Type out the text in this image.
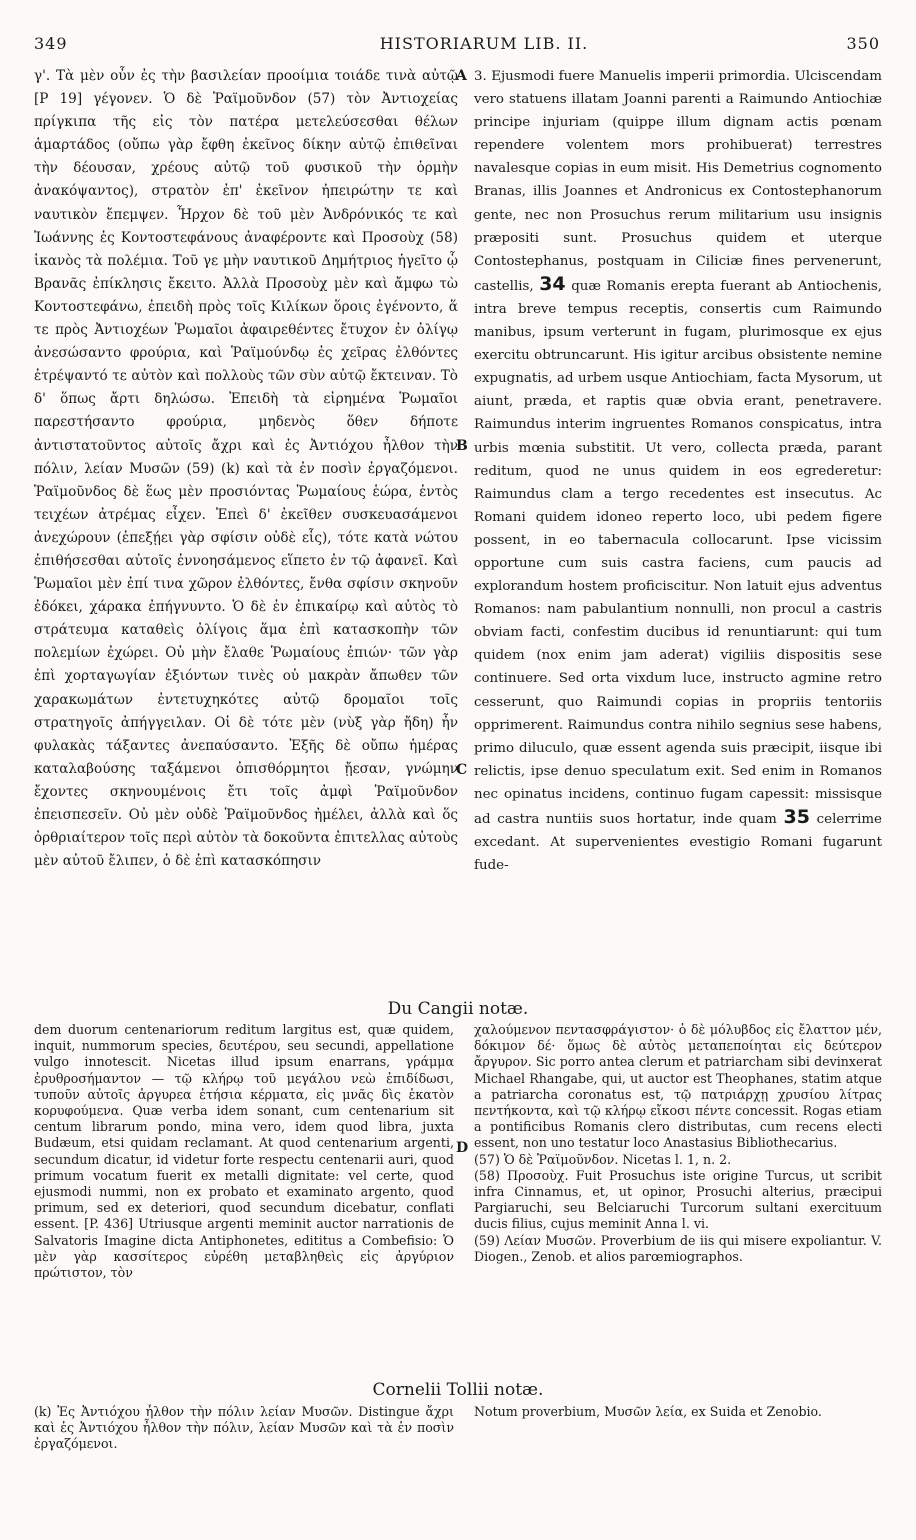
349	HISTORIARUM LIB. II.	350

γ'. Τὰ μὲν οὖν ἐς τὴν βασιλείαν προοίμια τοιάδε τινὰ αὐτῷ [P 19] γέγονεν. Ὁ δὲ Ῥαϊμοῦνδον (57) τὸν Ἀντιοχείας πρίγκιπα τῆς εἰς τὸν πατέρα μετελεύσεσθαι θέλων ἁμαρτάδος (οὔπω γὰρ ἔφθη ἐκεῖνος δίκην αὐτῷ ἐπιθεῖναι τὴν δέουσαν, χρέους αὐτῷ τοῦ φυσικοῦ τὴν ὁρμὴν ἀνακόψαντος), στρατὸν ἐπ' ἐκεῖνον ἠπειρώτην τε καὶ ναυτικὸν ἔπεμψεν. Ἦρχον δὲ τοῦ μὲν Ἀνδρόνικός τε καὶ Ἰωάννης ἐς Κοντοστεφάνους ἀναφέροντε καὶ Προσοὺχ (58) ἱκανὸς τὰ πολέμια. Τοῦ γε μὴν ναυτικοῦ Δημήτριος ἡγεῖτο ᾧ Βρανᾶς ἐπίκλησις ἔκειτο. Ἀλλὰ Προσοὺχ μὲν καὶ ἄμφω τὼ Κοντοστεφάνω, ἐπειδὴ πρὸς τοῖς Κιλίκων ὅροις ἐγένοντο, ἅ τε πρὸς Ἀντιοχέων Ῥωμαῖοι ἀφαιρεθέντες ἔτυχον ἐν ὀλίγῳ ἀνεσώσαντο φρούρια, καὶ Ῥαϊμούνδῳ ἐς χεῖρας ἐλθόντες ἐτρέψαντό τε αὐτὸν καὶ πολλοὺς τῶν σὺν αὐτῷ ἔκτειναν. Τὸ δ' ὅπως ἄρτι δηλώσω. Ἐπειδὴ τὰ εἰρημένα Ῥωμαῖοι παρεστήσαντο φρούρια, μηδενὸς ὅθεν δήποτε ἀντιστατοῦντος αὐτοῖς ἄχρι καὶ ἐς Ἀντιόχου ἦλθον τὴν πόλιν, λείαν Μυσῶν (59) (k) καὶ τὰ ἐν ποσὶν ἐργαζόμενοι. Ῥαϊμοῦνδος δὲ ἕως μὲν προσιόντας Ῥωμαίους ἑώρα, ἐντὸς τειχέων ἀτρέμας εἶχεν. Ἐπεὶ δ' ἐκεῖθεν συσκευασάμενοι ἀνεχώρουν (ἐπεξῄει γὰρ σφίσιν οὐδὲ εἷς), τότε κατὰ νώτου ἐπιθήσεσθαι αὐτοῖς ἐννοησάμενος εἵπετο ἐν τῷ ἀφανεῖ. Καὶ Ῥωμαῖοι μὲν ἐπί τινα χῶρον ἐλθόντες, ἔνθα σφίσιν σκηνοῦν ἐδόκει, χάρακα ἐπήγνυντο. Ὁ δὲ ἐν ἐπικαίρῳ καὶ αὐτὸς τὸ στράτευμα καταθεὶς ὀλίγοις ἅμα ἐπὶ κατασκοπὴν τῶν πολεμίων ἐχώρει. Οὐ μὴν ἔλαθε Ῥωμαίους ἐπιών· τῶν γὰρ ἐπὶ χορταγωγίαν ἐξιόντων τινὲς οὐ μακρὰν ἄπωθεν τῶν χαρακωμάτων ἐντετυχηκότες αὐτῷ δρομαῖοι τοῖς στρατηγοῖς ἀπήγγειλαν. Οἱ δὲ τότε μὲν (νὺξ γὰρ ἤδη) ἦν φυλακὰς τάξαντες ἀνεπαύσαντο. Ἐξῆς δὲ οὔπω ἡμέρας καταλαβούσης ταξάμενοι ὀπισθόρμητοι ᾔεσαν, γνώμην ἔχοντες σκηνουμένοις ἔτι τοῖς ἀμφὶ Ῥαϊμοῦνδον ἐπεισπεσεῖν. Οὐ μὲν οὐδὲ Ῥαϊμοῦνδος ἠμέλει, ἀλλὰ καὶ ὅς ὀρθριαίτερον τοῖς περὶ αὐτὸν τὰ δοκοῦντα ἐπιτελλας αὐτοὺς μὲν αὐτοῦ ἔλιπεν, ὁ δὲ ἐπὶ κατασκόπησιν

A
B
C
D

3. Ejusmodi fuere Manuelis imperii primordia. Ulciscendam vero statuens illatam Joanni parenti a Raimundo Antiochiæ principe injuriam (quippe illum dignam actis pœnam rependere volentem mors prohibuerat) terrestres navalesque copias in eum misit. His Demetrius cognomento Branas, illis Joannes et Andronicus ex Contostephanorum gente, nec non Prosuchus rerum militarium usu insignis præpositi sunt. Prosuchus quidem et uterque Contostephanus, postquam in Ciliciæ fines pervenerunt, castellis, 34 quæ Romanis erepta fuerant ab Antiochenis, intra breve tempus receptis, consertis cum Raimundo manibus, ipsum verterunt in fugam, plurimosque ex ejus exercitu obtruncarunt. His igitur arcibus obsistente nemine expugnatis, ad urbem usque Antiochiam, facta Mysorum, ut aiunt, præda, et raptis quæ obvia erant, penetravere. Raimundus interim ingruentes Romanos conspicatus, intra urbis mœnia substitit. Ut vero, collecta præda, parant reditum, quod ne unus quidem in eos egrederetur: Raimundus clam a tergo recedentes est insecutus. Ac Romani quidem idoneo reperto loco, ubi pedem figere possent, in eo tabernacula collocarunt. Ipse vicissim opportune cum suis castra faciens, cum paucis ad explorandum hostem proficiscitur. Non latuit ejus adventus Romanos: nam pabulantium nonnulli, non procul a castris obviam facti, confestim ducibus id renuntiarunt: qui tum quidem (nox enim jam aderat) vigiliis dispositis sese continuere. Sed orta vixdum luce, instructo agmine retro cesserunt, quo Raimundi copias in propriis tentoriis opprimerent. Raimundus contra nihilo segnius sese habens, primo diluculo, quæ essent agenda suis præcipit, iisque ibi relictis, ipse denuo speculatum exit. Sed enim in Romanos nec opinatus incidens, continuo fugam capessit: missisque ad castra nuntiis suos hortatur, inde quam 35 celerrime excedant. At supervenientes evestigio Romani fugarunt fude-

Du Cangii notæ.

dem duorum centenariorum reditum largitus est, quæ quidem, inquit, nummorum species, δευτέρου, seu secundi, appellatione vulgo innotescit. Nicetas illud ipsum enarrans, γράμμα ἐρυθροσήμαντον — τῷ κλήρῳ τοῦ μεγάλου νεὼ ἐπιδίδωσι, τυποῦν αὐτοῖς ἀργυρεα ἐτήσια κέρματα, εἰς μνᾶς δὶς ἑκατὸν κορυφούμενα. Quæ verba idem sonant, cum centenarium sit centum librarum pondo, mina vero, idem quod libra, juxta Budæum, etsi quidam reclamant. At quod centenarium argenti, secundum dicatur, id videtur forte respectu centenarii auri, quod primum vocatum fuerit ex metalli dignitate: vel certe, quod ejusmodi nummi, non ex probato et examinato argento, quod primum, sed ex deteriori, quod secundum dicebatur, conflati essent. [P. 436] Utriusque argenti meminit auctor narrationis de Salvatoris Imagine dicta Antiphonetes, edititus a Combefisio: Ὁ μὲν γὰρ κασσίτερος εὐρέθη μεταβληθεὶς εἰς ἀργύριον πρώτιστον, τὸν

χαλούμενον πεντασφράγιστον· ὁ δὲ μόλυβδος εἰς ἔλαττον μέν, δόκιμον δέ· ὅμως δὲ αὐτὸς μεταπεποίηται εἰς δεύτερον ἄργυρον. Sic porro antea clerum et patriarcham sibi devinxerat Michael Rhangabe, qui, ut auctor est Theophanes, statim atque a patriarcha coronatus est, τῷ πατριάρχῃ χρυσίου λίτρας πεντήκοντα, καὶ τῷ κλήρῳ εἴκοσι πέντε concessit. Rogas etiam a pontificibus Romanis clero distributas, cum recens electi essent, non uno testatur loco Anastasius Bibliothecarius.

(57) Ὁ δὲ Ῥαϊμοῦνδον. Nicetas l. 1, n. 2.

(58) Προσοὺχ. Fuit Prosuchus iste origine Turcus, ut scribit infra Cinnamus, et, ut opinor, Prosuchi alterius, præcipui Pargiaruchi, seu Belciaruchi Turcorum sultani exercituum ducis filius, cujus meminit Anna l. vi.

(59) Λείαν Μυσῶν. Proverbium de iis qui misere expoliantur. V. Diogen., Zenob. et alios parœmiographos.

Cornelii Tollii notæ.

(k) Ἐς Ἀντιόχου ἦλθον τὴν πόλιν λείαν Μυσῶν. Distingue ἄχρι καὶ ἐς Ἀντιόχου ἦλθον τὴν πόλιν, λείαν Μυσῶν καὶ τὰ ἐν ποσὶν ἐργαζόμενοι.

Notum proverbium, Μυσῶν λεία, ex Suida et Zenobio.
